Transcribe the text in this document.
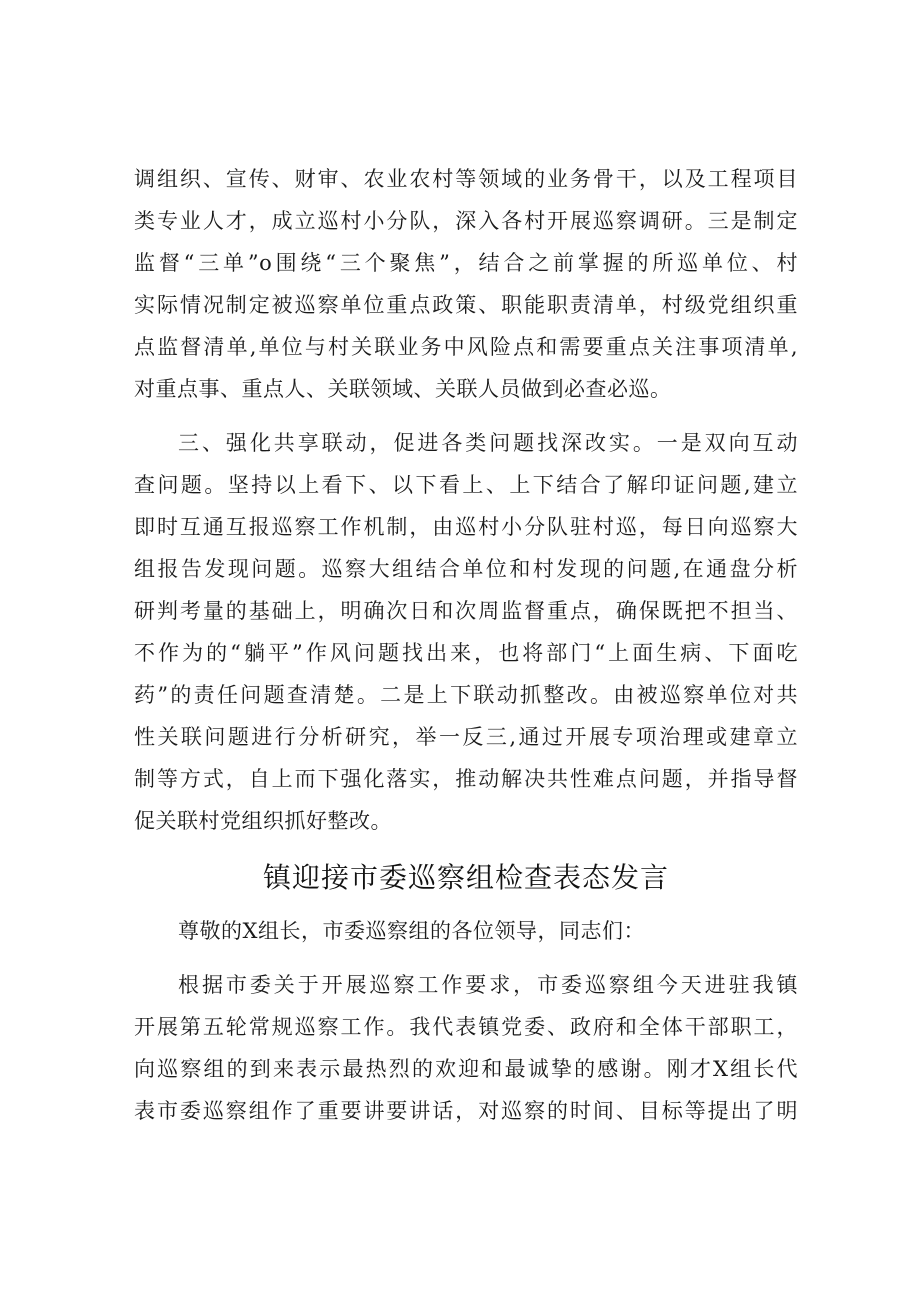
调组织、宣传、财审、农业农村等领域的业务骨干，以及工程项目
类专业人才，成立巡村小分队，深入各村开展巡察调研。三是制定
监督“三单”o围绕“三个聚焦”，结合之前掌握的所巡单位、村
实际情况制定被巡察单位重点政策、职能职责清单，村级党组织重
点监督清单,单位与村关联业务中风险点和需要重点关注事项清单,
对重点事、重点人、关联领域、关联人员做到必查必巡。
三、强化共享联动，促进各类问题找深改实。一是双向互动
查问题。坚持以上看下、以下看上、上下结合了解印证问题,建立
即时互通互报巡察工作机制，由巡村小分队驻村巡，每日向巡察大
组报告发现问题。巡察大组结合单位和村发现的问题,在通盘分析
研判考量的基础上，明确次日和次周监督重点，确保既把不担当、
不作为的“躺平”作风问题找出来，也将部门“上面生病、下面吃
药”的责任问题查清楚。二是上下联动抓整改。由被巡察单位对共
性关联问题进行分析研究，举一反三,通过开展专项治理或建章立
制等方式，自上而下强化落实，推动解决共性难点问题，并指导督
促关联村党组织抓好整改。
镇迎接市委巡察组检查表态发言
尊敬的X组长，市委巡察组的各位领导，同志们：
根据市委关于开展巡察工作要求，市委巡察组今天进驻我镇
开展第五轮常规巡察工作。我代表镇党委、政府和全体干部职工，
向巡察组的到来表示最热烈的欢迎和最诚挚的感谢。刚才X组长代
表市委巡察组作了重要讲要讲话，对巡察的时间、目标等提出了明
